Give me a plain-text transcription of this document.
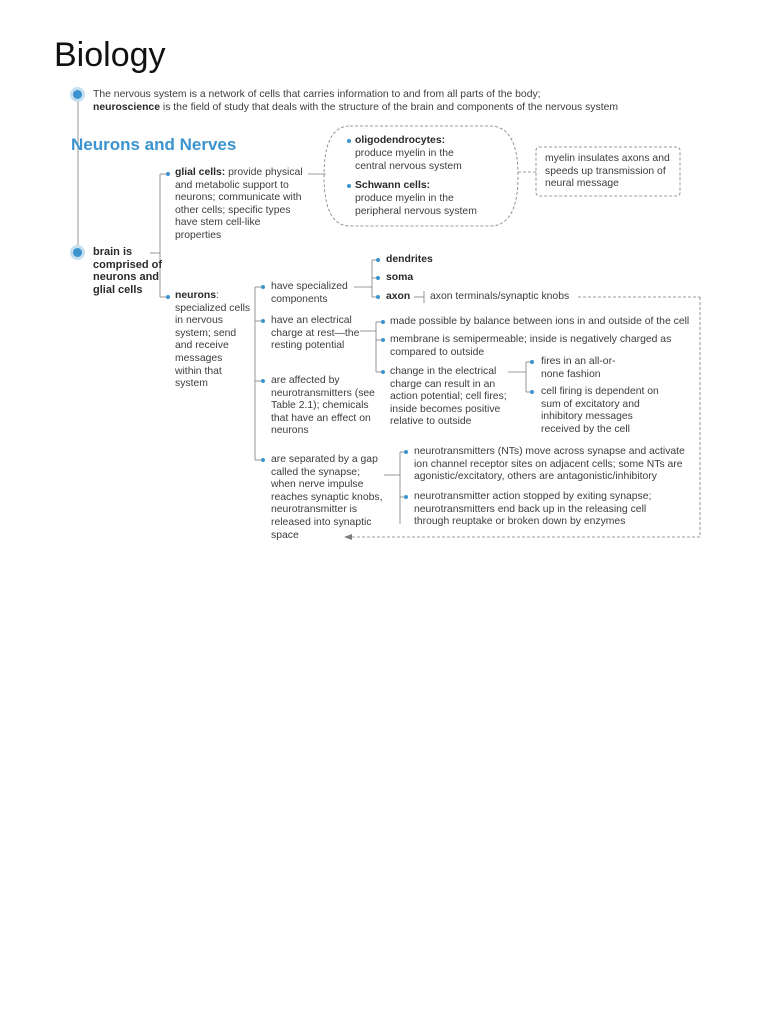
Biology
The nervous system is a network of cells that carries information to and from all parts of the body;
neuroscience is the field of study that deals with the structure of the brain and components of the nervous system
Neurons and Nerves
brain is comprised of neurons and glial cells
glial cells: provide physical and metabolic support to neurons; communicate with other cells; specific types have stem cell-like properties
oligodendrocytes:
produce myelin in the central nervous system
Schwann cells:
produce myelin in the peripheral nervous system
myelin insulates axons and speeds up transmission of neural message
neurons: specialized cells in nervous system; send and receive messages within that system
have specialized components
dendrites
soma
axon axon terminals/synaptic knobs
have an electrical charge at rest—the resting potential
made possible by balance between ions in and outside of the cell
membrane is semipermeable; inside is negatively charged as compared to outside
change in the electrical charge can result in an action potential; cell fires; inside becomes positive relative to outside
fires in an all-or-none fashion
cell firing is dependent on sum of excitatory and inhibitory messages received by the cell
are affected by neurotransmitters (see Table 2.1); chemicals that have an effect on neurons
are separated by a gap called the synapse; when nerve impulse reaches synaptic knobs, neurotransmitter is released into synaptic space
neurotransmitters (NTs) move across synapse and activate ion channel receptor sites on adjacent cells; some NTs are agonistic/excitatory, others are antagonistic/inhibitory
neurotransmitter action stopped by exiting synapse; neurotransmitters end back up in the releasing cell through reuptake or broken down by enzymes
